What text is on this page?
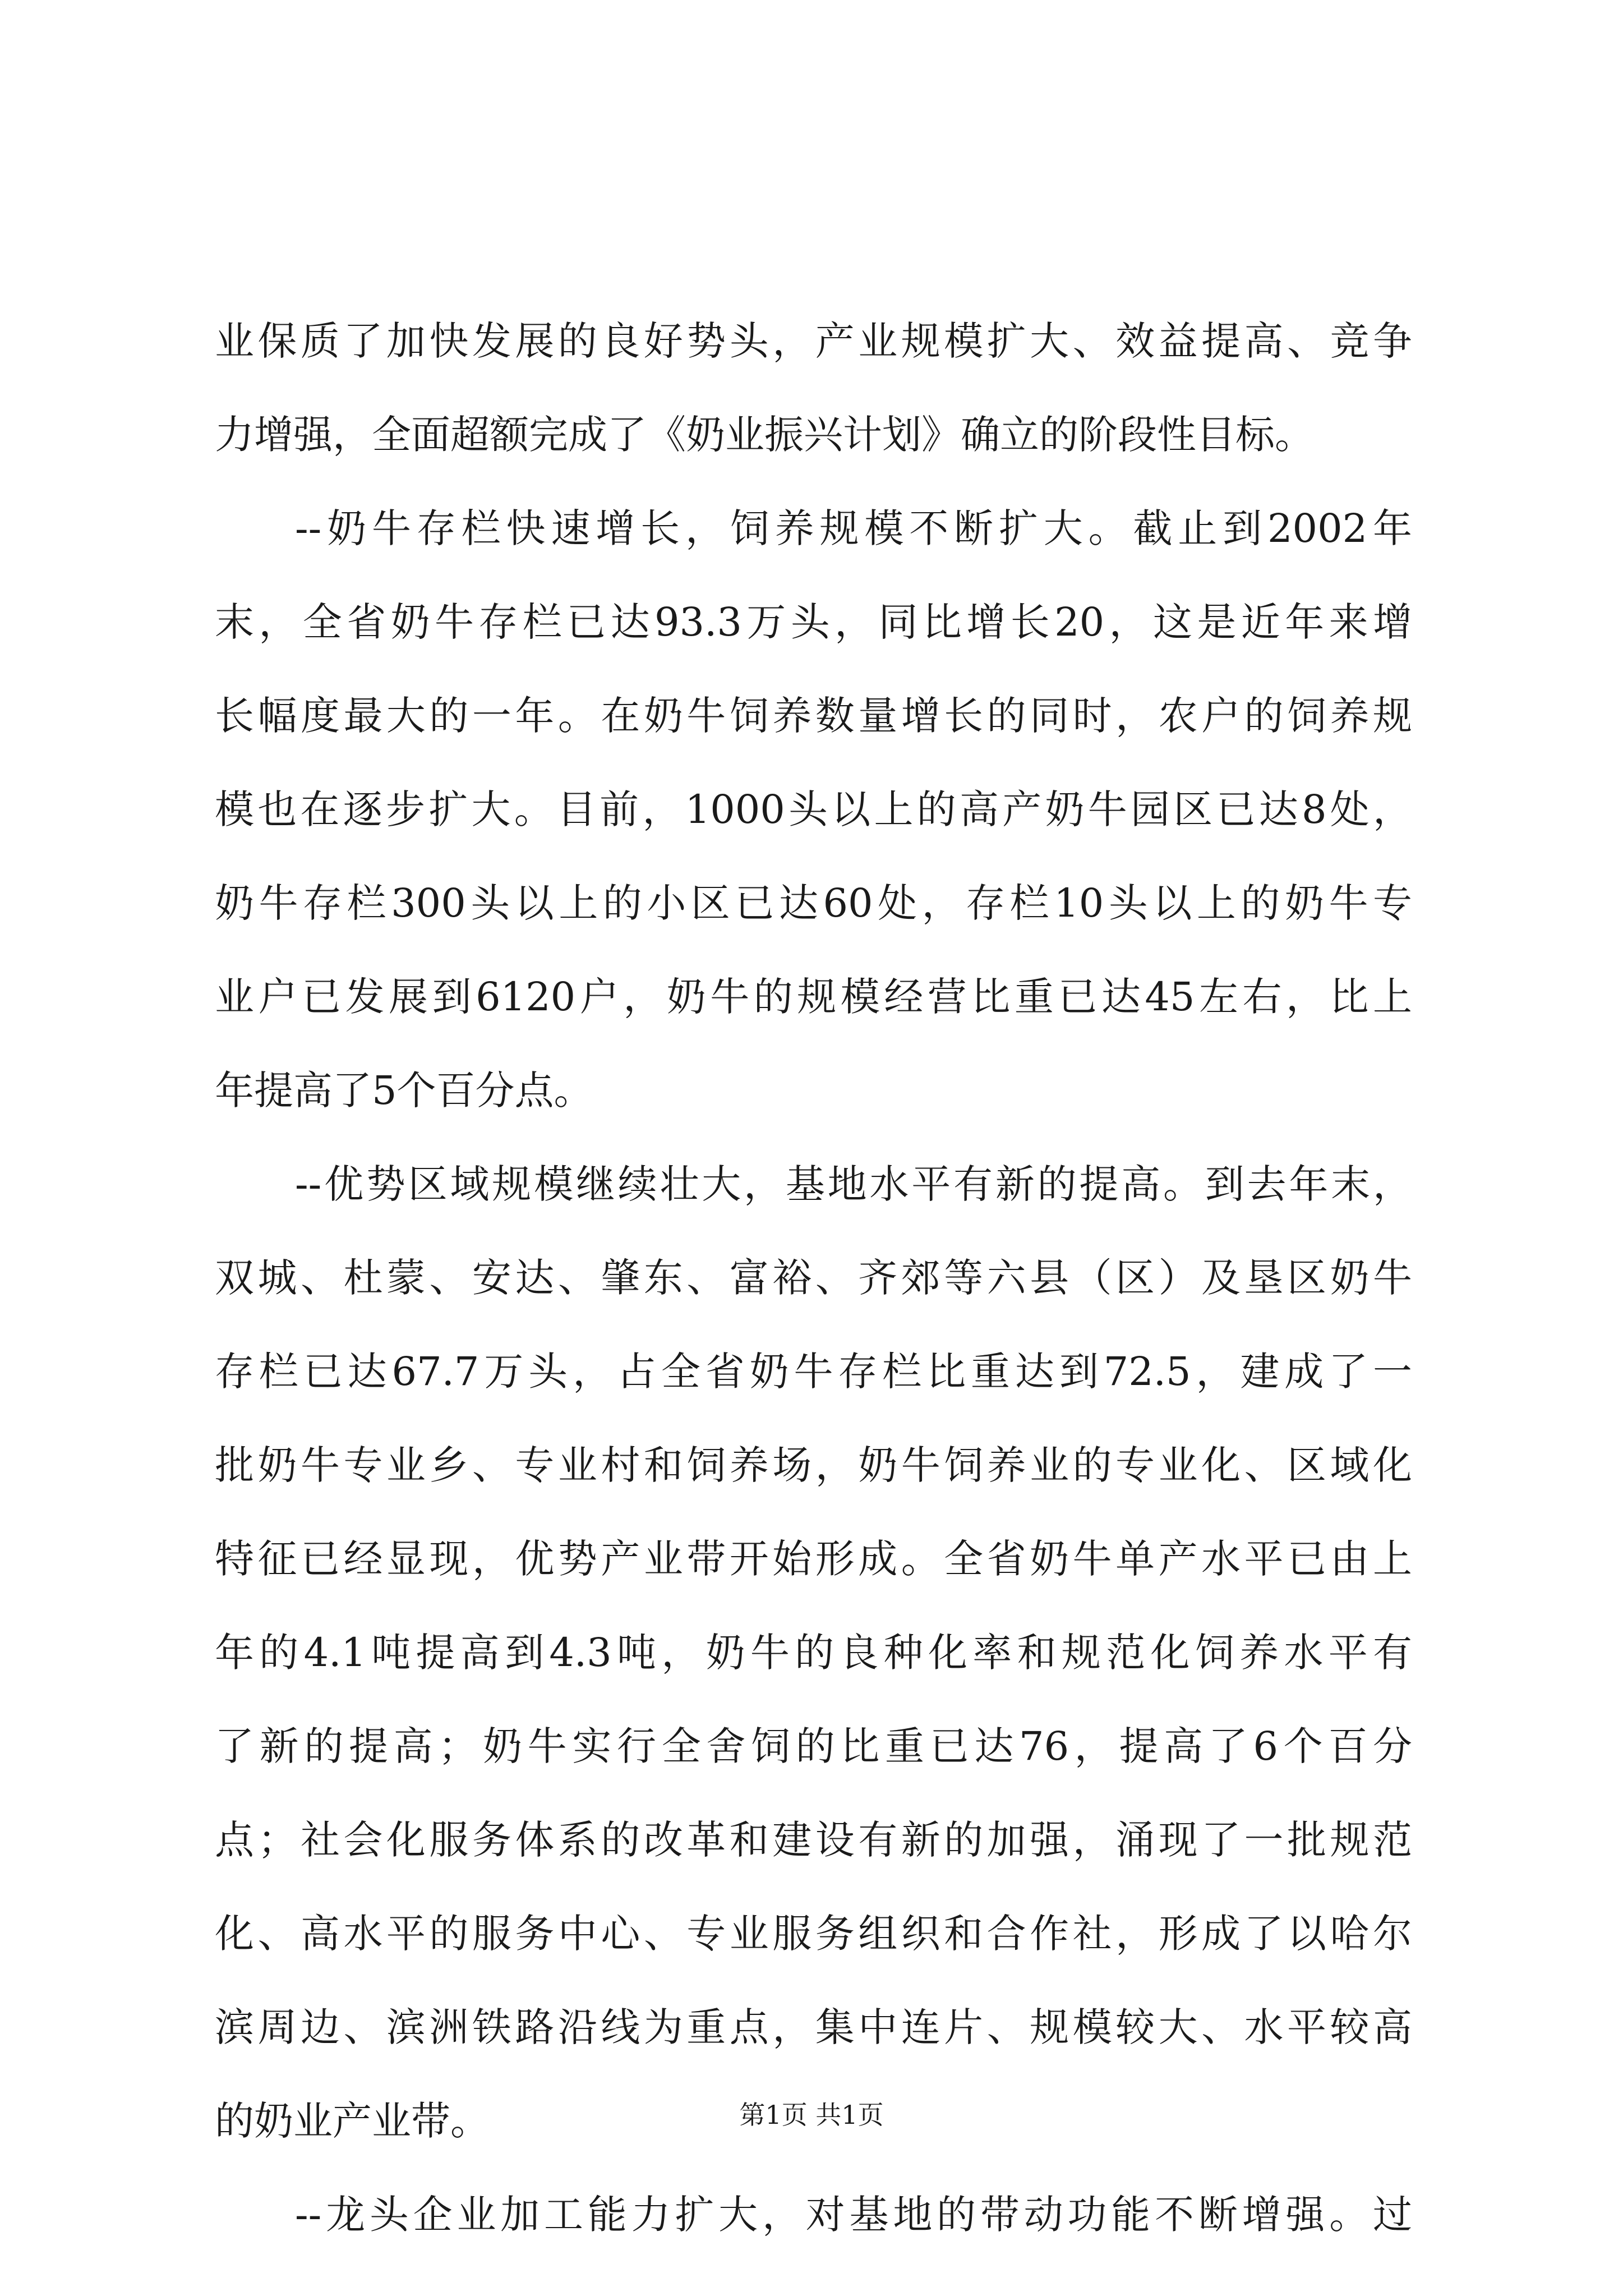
业保质了加快发展的良好势头，产业规模扩大、效益提高、竞争
力增强，全面超额完成了《奶业振兴计划》确立的阶段性目标。
--奶牛存栏快速增长，饲养规模不断扩大。截止到2002年
末，全省奶牛存栏已达93.3万头，同比增长20，这是近年来增
长幅度最大的一年。在奶牛饲养数量增长的同时，农户的饲养规
模也在逐步扩大。目前，1000头以上的高产奶牛园区已达8处，
奶牛存栏300头以上的小区已达60处，存栏10头以上的奶牛专
业户已发展到6120户，奶牛的规模经营比重已达45左右，比上
年提高了5个百分点。
--优势区域规模继续壮大，基地水平有新的提高。到去年末，
双城、杜蒙、安达、肇东、富裕、齐郊等六县（区）及垦区奶牛
存栏已达67.7万头，占全省奶牛存栏比重达到72.5，建成了一
批奶牛专业乡、专业村和饲养场，奶牛饲养业的专业化、区域化
特征已经显现，优势产业带开始形成。全省奶牛单产水平已由上
年的4.1吨提高到4.3吨，奶牛的良种化率和规范化饲养水平有
了新的提高；奶牛实行全舍饲的比重已达76，提高了6个百分
点；社会化服务体系的改革和建设有新的加强，涌现了一批规范
化、高水平的服务中心、专业服务组织和合作社，形成了以哈尔
滨周边、滨洲铁路沿线为重点，集中连片、规模较大、水平较高
的奶业产业带。
--龙头企业加工能力扩大，对基地的带动功能不断增强。过
第1页 共1页
